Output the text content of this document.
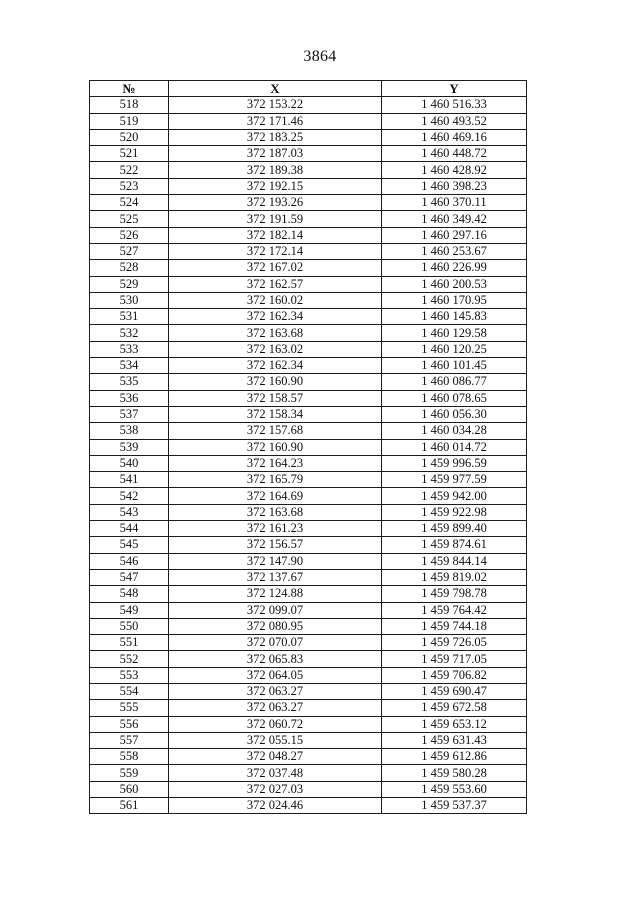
3864
№	X	Y
518	372 153.22	1 460 516.33
519	372 171.46	1 460 493.52
520	372 183.25	1 460 469.16
521	372 187.03	1 460 448.72
522	372 189.38	1 460 428.92
523	372 192.15	1 460 398.23
524	372 193.26	1 460 370.11
525	372 191.59	1 460 349.42
526	372 182.14	1 460 297.16
527	372 172.14	1 460 253.67
528	372 167.02	1 460 226.99
529	372 162.57	1 460 200.53
530	372 160.02	1 460 170.95
531	372 162.34	1 460 145.83
532	372 163.68	1 460 129.58
533	372 163.02	1 460 120.25
534	372 162.34	1 460 101.45
535	372 160.90	1 460 086.77
536	372 158.57	1 460 078.65
537	372 158.34	1 460 056.30
538	372 157.68	1 460 034.28
539	372 160.90	1 460 014.72
540	372 164.23	1 459 996.59
541	372 165.79	1 459 977.59
542	372 164.69	1 459 942.00
543	372 163.68	1 459 922.98
544	372 161.23	1 459 899.40
545	372 156.57	1 459 874.61
546	372 147.90	1 459 844.14
547	372 137.67	1 459 819.02
548	372 124.88	1 459 798.78
549	372 099.07	1 459 764.42
550	372 080.95	1 459 744.18
551	372 070.07	1 459 726.05
552	372 065.83	1 459 717.05
553	372 064.05	1 459 706.82
554	372 063.27	1 459 690.47
555	372 063.27	1 459 672.58
556	372 060.72	1 459 653.12
557	372 055.15	1 459 631.43
558	372 048.27	1 459 612.86
559	372 037.48	1 459 580.28
560	372 027.03	1 459 553.60
561	372 024.46	1 459 537.37
